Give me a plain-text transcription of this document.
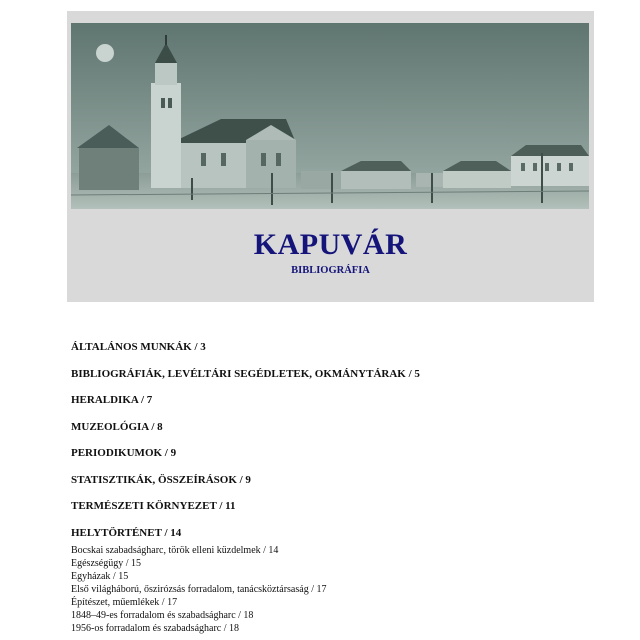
KAPUVÁR
BIBLIOGRÁFIA
ÁLTALÁNOS MUNKÁK / 3
BIBLIOGRÁFIÁK, LEVÉLTÁRI SEGÉDLETEK, OKMÁNYTÁRAK / 5
HERALDIKA / 7
MUZEOLÓGIA / 8
PERIODIKUMOK / 9
STATISZTIKÁK, ÖSSZEÍRÁSOK / 9
TERMÉSZETI KÖRNYEZET / 11
HELYTÖRTÉNET / 14
Bocskai szabadságharc, török elleni küzdelmek / 14
Egészségügy / 15
Egyházak / 15
Első világháború, őszirózsás forradalom, tanácsköztársaság / 17
Építészet, műemlékek / 17
1848–49-es forradalom és szabadságharc / 18
1956-os forradalom és szabadságharc / 18
